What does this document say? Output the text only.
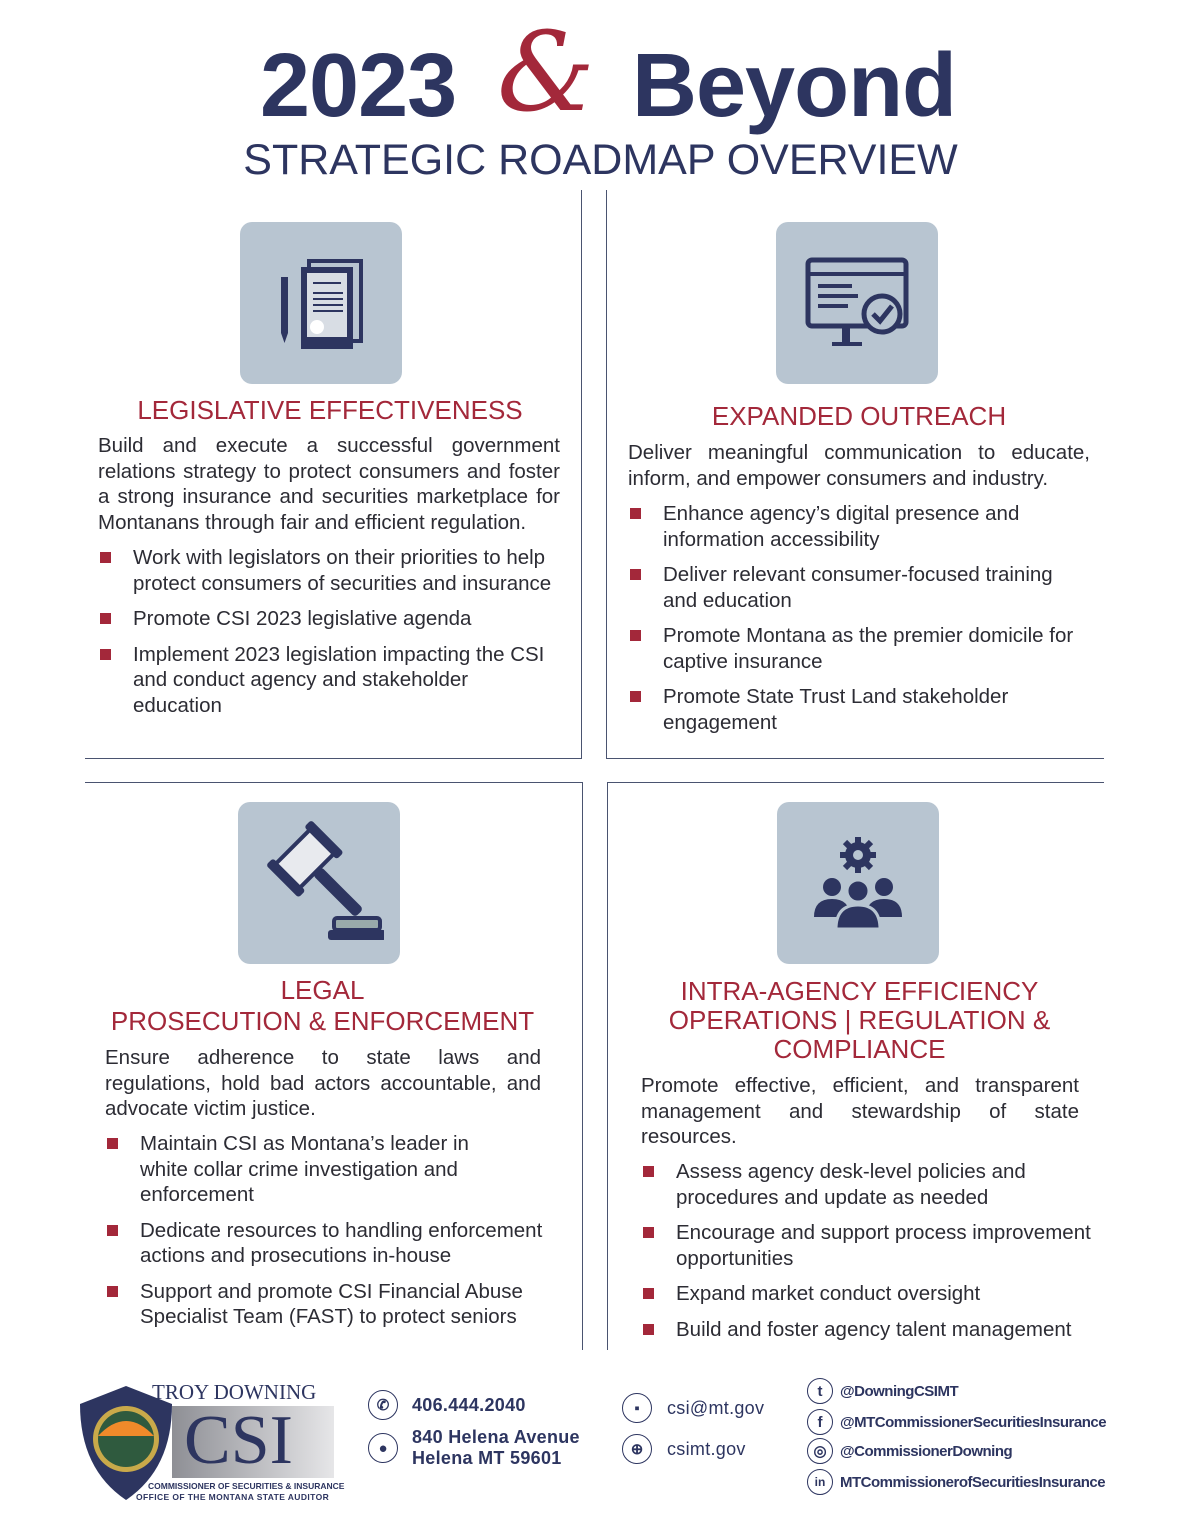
2023 & Beyond
STRATEGIC ROADMAP OVERVIEW
LEGISLATIVE EFFECTIVENESS
Build and execute a successful government relations strategy to protect consumers and foster a strong insurance and securities marketplace for Montanans through fair and efficient regulation.
Work with legislators on their priorities to help protect consumers of securities and insurance
Promote CSI 2023 legislative agenda
Implement 2023 legislation impacting the CSI and conduct agency and stakeholder education
EXPANDED OUTREACH
Deliver meaningful communication to educate, inform, and empower consumers and industry.
Enhance agency’s digital presence and information accessibility
Deliver relevant consumer-focused training and education
Promote Montana as the premier domicile for captive insurance
Promote State Trust Land stakeholder engagement
LEGAL
PROSECUTION & ENFORCEMENT
Ensure adherence to state laws and regulations, hold bad actors accountable, and advocate victim justice.
Maintain CSI as Montana’s leader in white collar crime investigation and enforcement
Dedicate resources to handling enforcement actions and prosecutions in-house
Support and promote CSI Financial Abuse Specialist Team (FAST) to protect seniors
INTRA-AGENCY EFFICIENCY
OPERATIONS | REGULATION &
COMPLIANCE
Promote effective, efficient, and transparent management and stewardship of state resources.
Assess agency desk-level policies and procedures and update as needed
Encourage and support process improvement opportunities
Expand market conduct oversight
Build and foster agency talent management
TROY DOWNING
CSI
COMMISSIONER OF SECURITIES & INSURANCE
OFFICE OF THE MONTANA STATE AUDITOR
✆	406.444.2040
●
840 Helena Avenue
Helena MT 59601
▪	csi@mt.gov
⊕	csimt.gov
t	@DowningCSIMT
f	@MTCommissionerSecuritiesInsurance
◎ @CommissionerDowning
in MTCommissionerofSecuritiesInsurance
